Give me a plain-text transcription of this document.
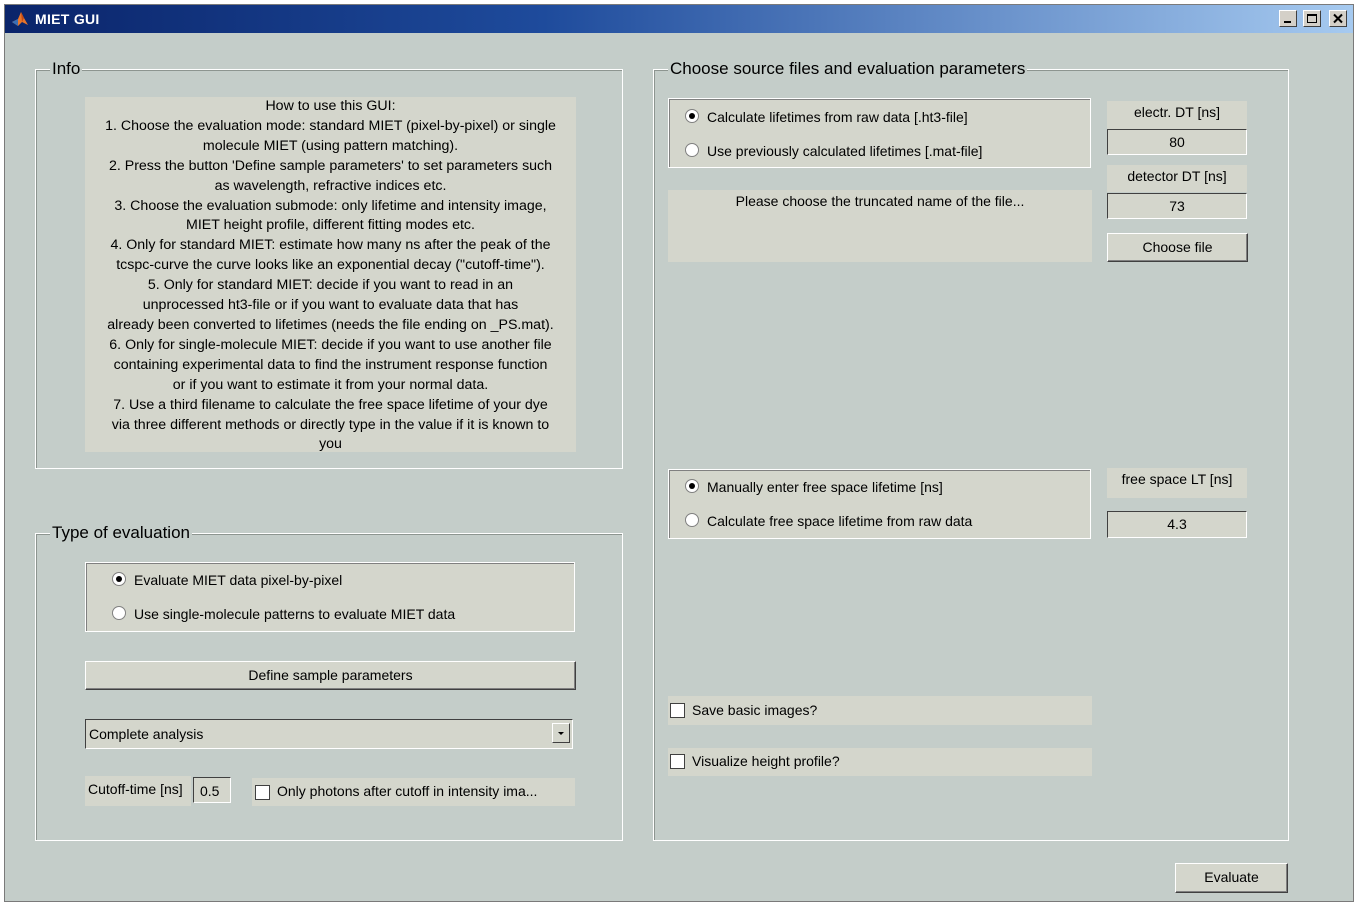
MIET GUI
Info
How to use this GUI:
1. Choose the evaluation mode: standard MIET (pixel-by-pixel) or single
molecule MIET (using pattern matching).
2. Press the button 'Define sample parameters' to set parameters such
as wavelength, refractive indices etc.
3. Choose the evaluation submode: only lifetime and intensity image,
MIET height profile, different fitting modes etc.
4. Only for standard MIET: estimate how many ns after the peak of the
tcspc-curve the curve looks like an exponential decay ("cutoff-time").
5. Only for standard MIET: decide if you want to read in an
unprocessed ht3-file or if you want to evaluate data that has
already been converted to lifetimes (needs the file ending on _PS.mat).
6. Only for single-molecule MIET: decide if you want to use another file
containing experimental data to find the instrument response function
or if you want to estimate it from your normal data.
7. Use a third filename to calculate the free space lifetime of your dye
via three different methods or directly type in the value if it is known to
you
Type of evaluation
Evaluate MIET data pixel-by-pixel
Use single-molecule patterns to evaluate MIET data
Define sample parameters
Complete analysis
Cutoff-time [ns]	0.5	Only photons after cutoff in intensity ima...
Choose source files and evaluation parameters
Calculate lifetimes from raw data [.ht3-file]
Use previously calculated lifetimes [.mat-file]
electr. DT [ns]
80
detector DT [ns]
73
Please choose the truncated name of the file...
Choose file
Manually enter free space lifetime [ns]
Calculate free space lifetime from raw data
free space LT [ns]
4.3
Save basic images?
Visualize height profile?
Evaluate
